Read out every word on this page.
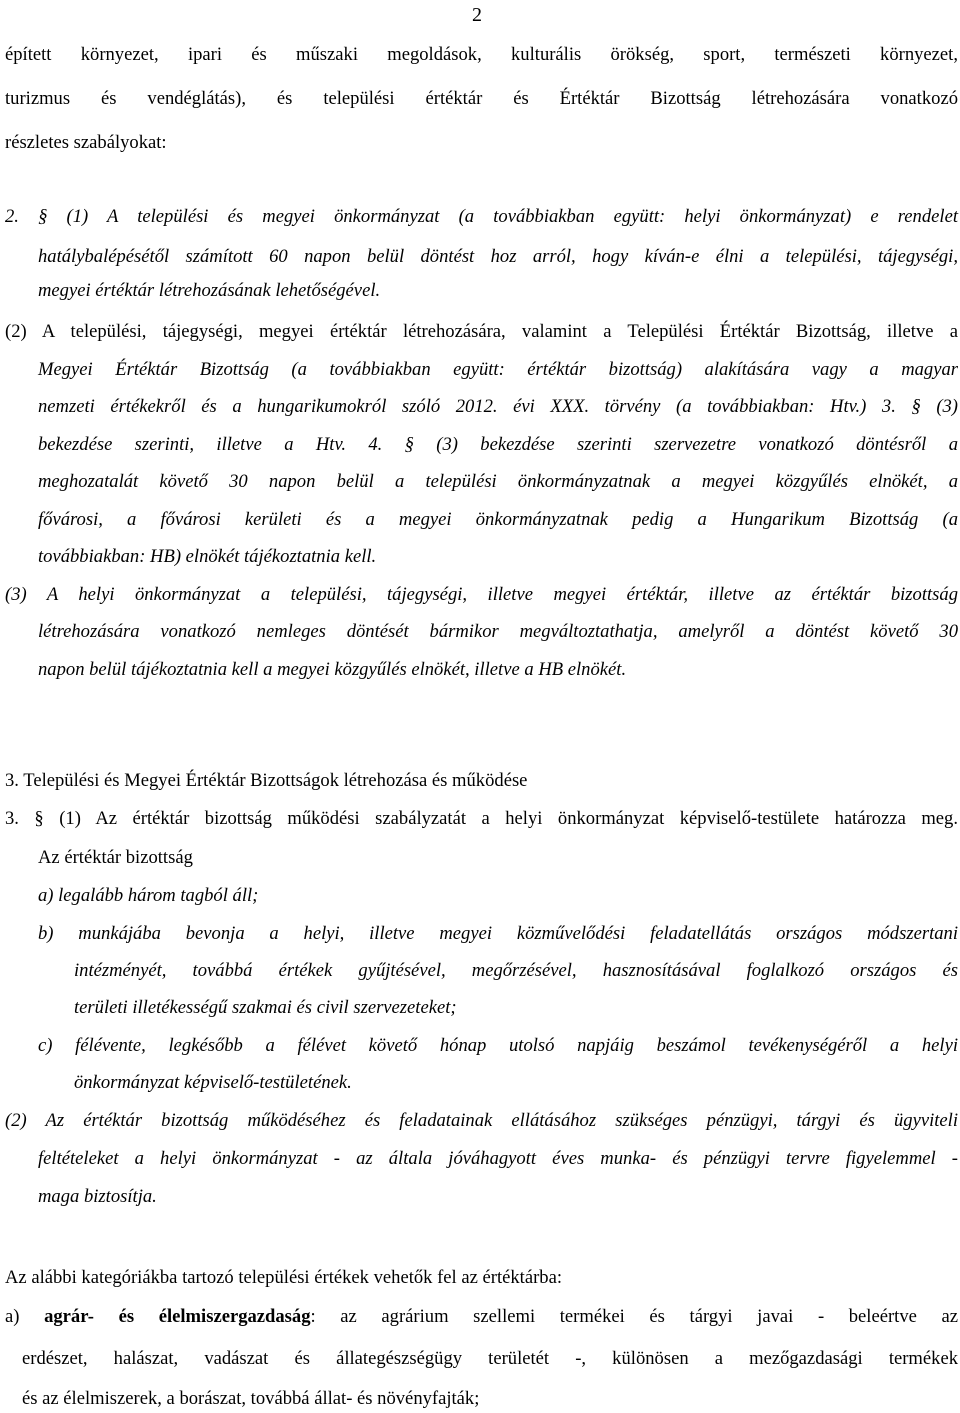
2
épített környezet, ipari és műszaki megoldások, kulturális örökség, sport, természeti környezet,
turizmus és vendéglátás), és települési értéktár és Értéktár Bizottság létrehozására vonatkozó
részletes szabályokat:
2. § (1) A települési és megyei önkormányzat (a továbbiakban együtt: helyi önkormányzat) e rendelet
hatálybalépésétől számított 60 napon belül döntést hoz arról, hogy kíván-e élni a települési, tájegységi,
megyei értéktár létrehozásának lehetőségével.
(2) A települési, tájegységi, megyei értéktár létrehozására, valamint a Települési Értéktár Bizottság, illetve a
Megyei Értéktár Bizottság (a továbbiakban együtt: értéktár bizottság) alakítására vagy a magyar
nemzeti értékekről és a hungarikumokról szóló 2012. évi XXX. törvény (a továbbiakban: Htv.) 3. § (3)
bekezdése szerinti, illetve a Htv. 4. § (3) bekezdése szerinti szervezetre vonatkozó döntésről a
meghozatalát követő 30 napon belül a települési önkormányzatnak a megyei közgyűlés elnökét, a
fővárosi, a fővárosi kerületi és a megyei önkormányzatnak pedig a Hungarikum Bizottság (a
továbbiakban: HB) elnökét tájékoztatnia kell.
(3) A helyi önkormányzat a települési, tájegységi, illetve megyei értéktár, illetve az értéktár bizottság
létrehozására vonatkozó nemleges döntését bármikor megváltoztathatja, amelyről a döntést követő 30
napon belül tájékoztatnia kell a megyei közgyűlés elnökét, illetve a HB elnökét.
3. Települési és Megyei Értéktár Bizottságok létrehozása és működése
3. § (1) Az értéktár bizottság működési szabályzatát a helyi önkormányzat képviselő-testülete határozza meg.
Az értéktár bizottság
a) legalább három tagból áll;
b) munkájába bevonja a helyi, illetve megyei közművelődési feladatellátás országos módszertani
intézményét, továbbá értékek gyűjtésével, megőrzésével, hasznosításával foglalkozó országos és
területi illetékességű szakmai és civil szervezeteket;
c) félévente, legkésőbb a félévet követő hónap utolsó napjáig beszámol tevékenységéről a helyi
önkormányzat képviselő-testületének.
(2) Az értéktár bizottság működéséhez és feladatainak ellátásához szükséges pénzügyi, tárgyi és ügyviteli
feltételeket a helyi önkormányzat - az általa jóváhagyott éves munka- és pénzügyi tervre figyelemmel -
maga biztosítja.
Az alábbi kategóriákba tartozó települési értékek vehetők fel az értéktárba:
a) agrár- és élelmiszergazdaság: az agrárium szellemi termékei és tárgyi javai - beleértve az
erdészet, halászat, vadászat és állategészségügy területét -, különösen a mezőgazdasági termékek
és az élelmiszerek, a borászat, továbbá állat- és növényfajták;
